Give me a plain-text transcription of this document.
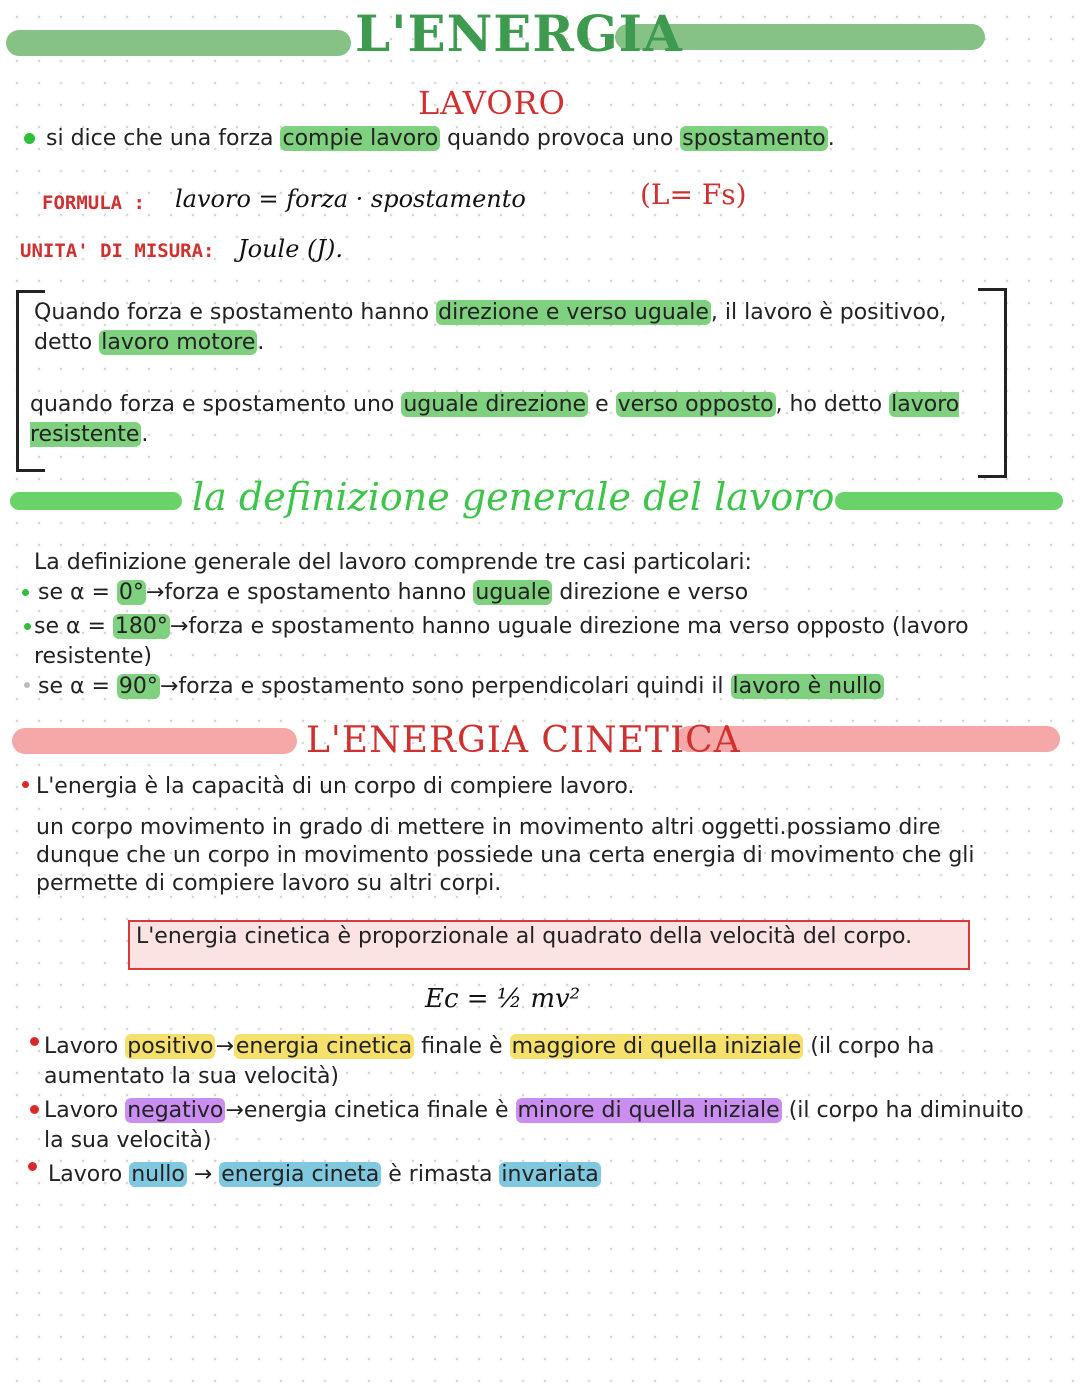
L'ENERGIA
LAVORO
si dice che una forza compie lavoro quando provoca uno spostamento.
FORMULA : lavoro = forza · spostamento	(L= Fs)
UNITA' DI MISURA: Joule (J).
Quando forza e spostamento hanno direzione e verso uguale, il lavoro è positivoo, detto lavoro motore.
quando forza e spostamento uno uguale direzione e verso opposto, ho detto lavoro resistente.
la definizione generale del lavoro
La definizione generale del lavoro comprende tre casi particolari:
se α = 0°→forza e spostamento hanno uguale direzione e verso
se α = 180°→forza e spostamento hanno uguale direzione ma verso opposto (lavoro resistente)
se α = 90°→forza e spostamento sono perpendicolari quindi il lavoro è nullo
L'ENERGIA CINETICA
L'energia è la capacità di un corpo di compiere lavoro.
un corpo movimento in grado di mettere in movimento altri oggetti.possiamo dire dunque che un corpo in movimento possiede una certa energia di movimento che gli permette di compiere lavoro su altri corpi.
L'energia cinetica è proporzionale al quadrato della velocità del corpo.
Ec = ½ mv²
Lavoro positivo→energia cinetica finale è maggiore di quella iniziale (il corpo ha aumentato la sua velocità)
Lavoro negativo→energia cinetica finale è minore di quella iniziale (il corpo ha diminuito la sua velocità)
Lavoro nullo → energia cineta è rimasta invariata
